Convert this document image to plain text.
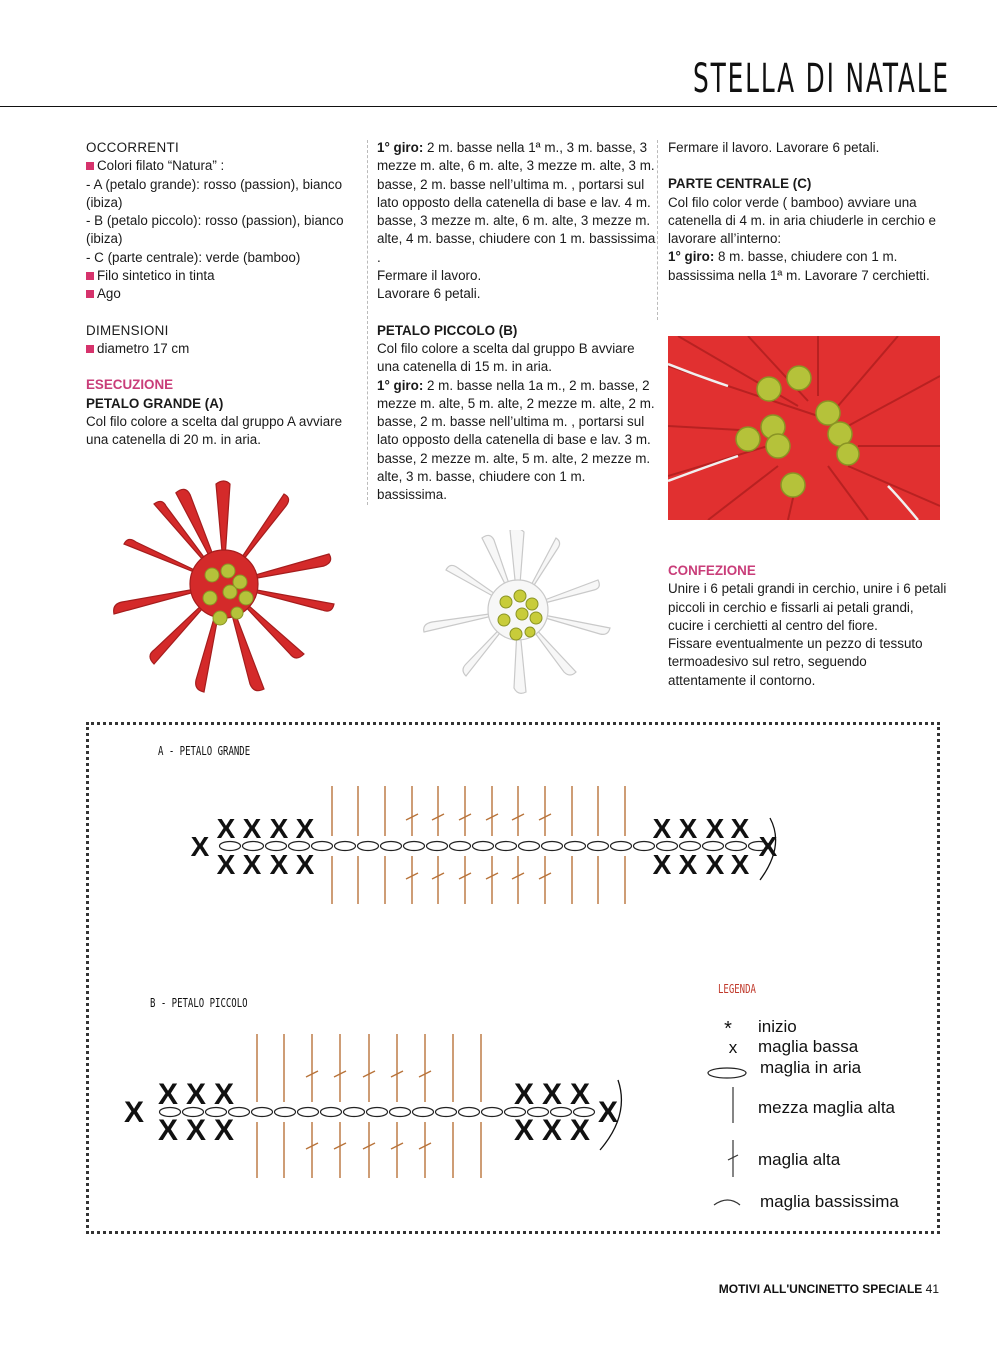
STELLA DI NATALE

OCCORRENTI

Colori filato “Natura” :

- A (petalo grande): rosso (passion), bianco (ibiza)

- B (petalo piccolo): rosso (passion), bianco (ibiza)

- C (parte centrale): verde (bamboo)

Filo sintetico in tinta

Ago

DIMENSIONI

diametro 17 cm

ESECUZIONE

PETALO GRANDE (A)

Col filo colore a scelta dal gruppo A avviare una catenella di 20 m. in aria.

1° giro: 2 m. basse nella 1ª m., 3 m. basse, 3 mezze m. alte, 6 m. alte, 3 mezze m. alte, 3 m. basse, 2 m. basse nell’ultima m. , portarsi sul lato opposto della catenella di base e lav. 4 m. basse, 3 mezze m. alte, 6 m. alte, 3 mezze m. alte, 4 m. basse, chiudere con 1 m. bassissima .

Fermare il lavoro.

Lavorare 6 petali.

PETALO PICCOLO (B)

Col filo colore a scelta dal gruppo B avviare una catenella di 15 m. in aria.

1° giro: 2 m. basse nella 1a m., 2 m. basse, 2 mezze m. alte, 5 m. alte, 2 mezze m. alte, 2 m. basse, 2 m. basse nell’ultima m. , portarsi sul lato opposto della catenella di base e lav. 3 m. basse, 2 mezze m. alte, 5 m. alte, 2 mezze m. alte, 3 m. basse, chiudere con 1 m. bassissima.

Fermare il lavoro. Lavorare 6 petali.

PARTE CENTRALE (C)

Col filo color verde ( bamboo) avviare una catenella di 4 m. in aria chiuderle in cerchio e lavorare all’interno:

1° giro: 8 m. basse, chiudere con 1 m. bassissima nella 1ª m. Lavorare 7 cerchietti.

CONFEZIONE

Unire i 6 petali grandi in cerchio, unire i 6 petali piccoli in cerchio e fissarli ai petali grandi, cucire i cerchietti al centro del fiore.

Fissare eventualmente un pezzo di tessuto termoadesivo sul retro, seguendo attentamente il contorno.

A - PETALO GRANDE
B - PETALO PICCOLO
LEGENDA
X
X
X
X
X
X
X
X
X
X
X
X
X
X
X
X
X	X
X
X
X
X
X
X
X
X
X
X
X
X
X	X
*
x
inizio
maglia bassa
maglia in aria
mezza maglia alta
maglia alta
maglia bassissima
MOTIVI ALL'UNCINETTO SPECIALE 41
